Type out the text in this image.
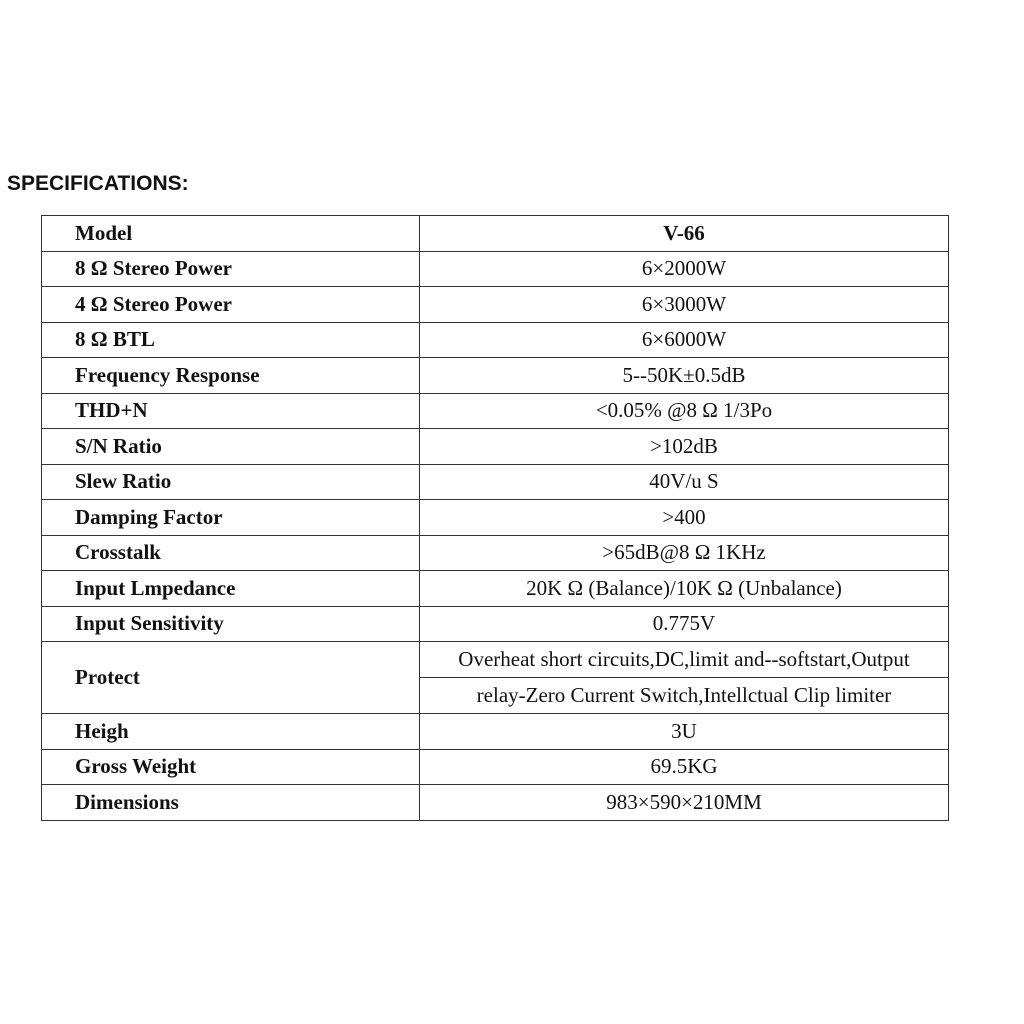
SPECIFICATIONS:
Model	V-66
8 Ω Stereo Power	6×2000W
4 Ω Stereo Power	6×3000W
8 Ω BTL	6×6000W
Frequency Response	5--50K±0.5dB
THD+N	<0.05% @8 Ω 1/3Po
S/N Ratio	>102dB
Slew Ratio	40V/u S
Damping Factor	>400
Crosstalk	>65dB@8 Ω 1KHz
Input Lmpedance	20K Ω (Balance)/10K Ω (Unbalance)
Input Sensitivity	0.775V
Protect	Overheat short circuits,DC,limit and--softstart,Output
	relay-Zero Current Switch,Intellctual Clip limiter
Heigh	3U
Gross Weight	69.5KG
Dimensions	983×590×210MM
